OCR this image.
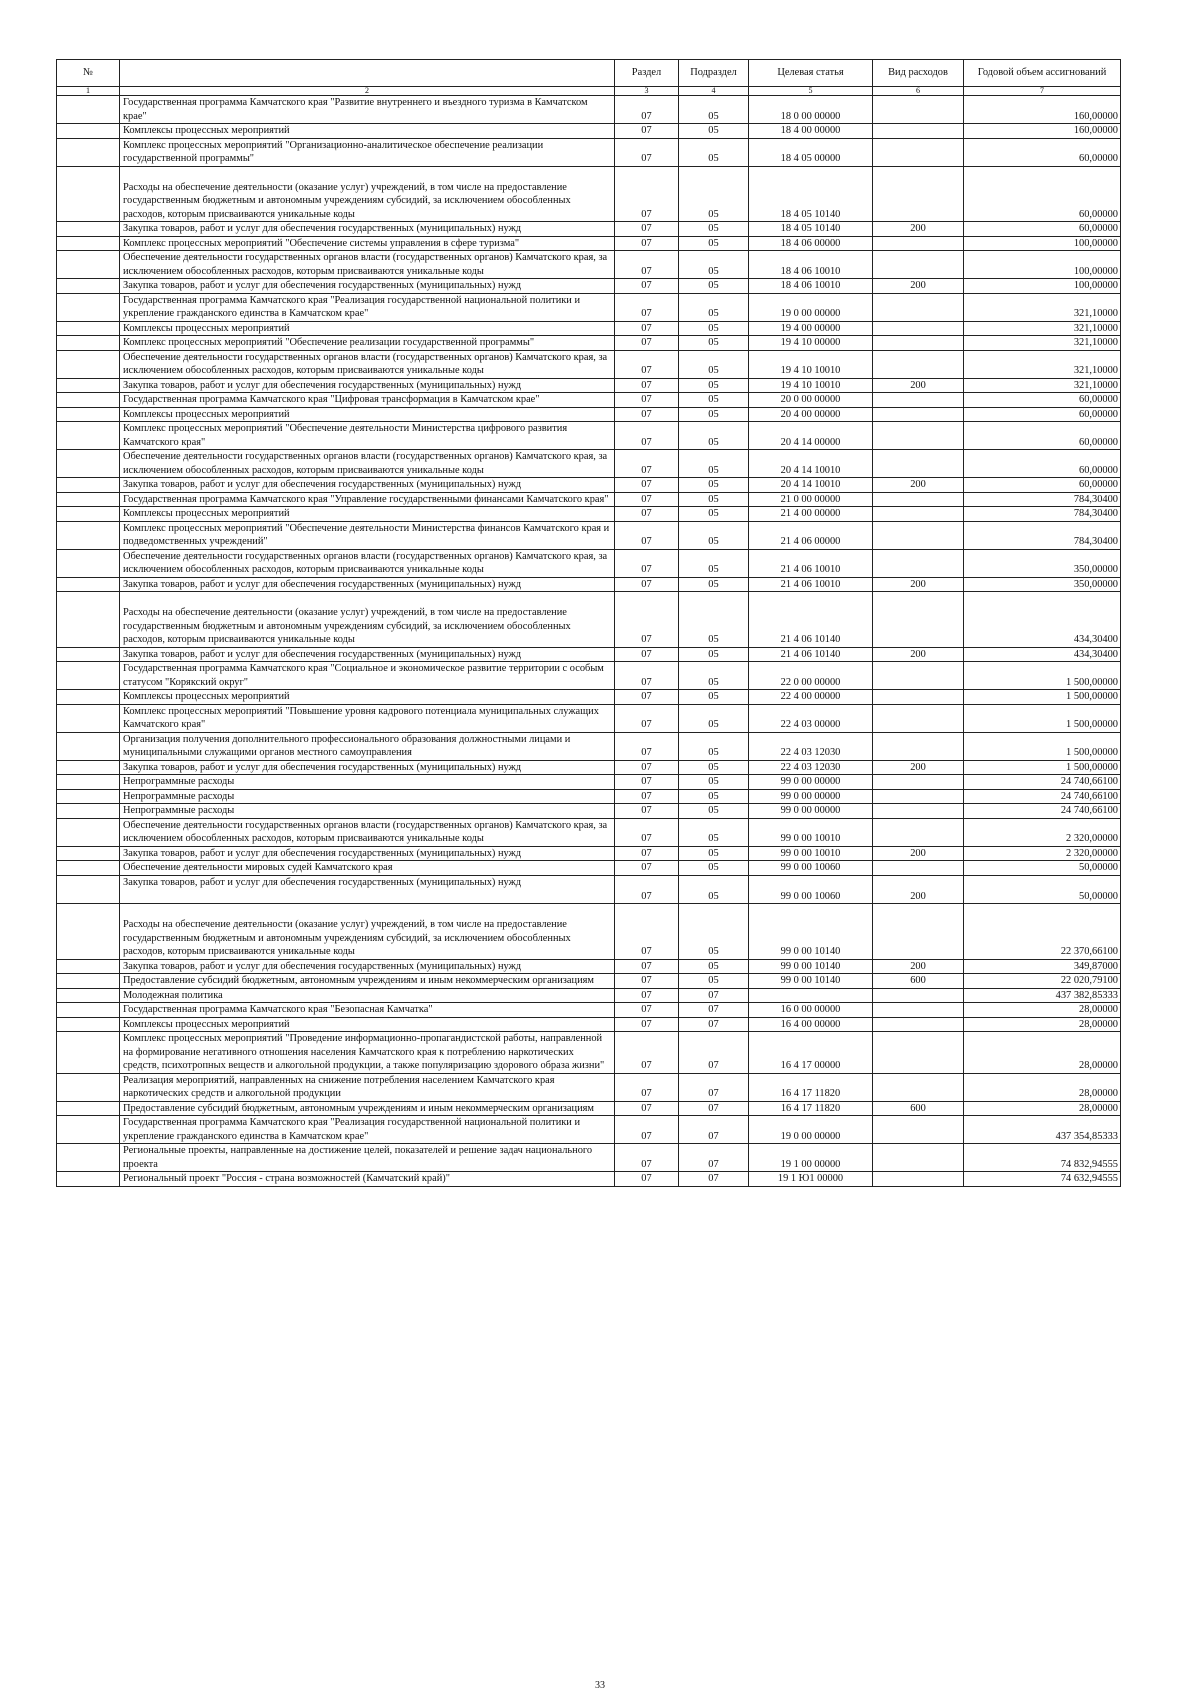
№		Раздел	Подраздел	Целевая статья	Вид расходов	Годовой объем ассигнований
1	2	3	4	5	6	7
	Государственная программа Камчатского края "Развитие внутреннего и въездного туризма в Камчатском крае"	07	05	18 0 00 00000		160,00000
	Комплексы процессных мероприятий	07	05	18 4 00 00000		160,00000
	Комплекс процессных мероприятий "Организационно-аналитическое обеспечение реализации государственной программы"	07	05	18 4 05 00000		60,00000
	Расходы на обеспечение деятельности (оказание услуг) учреждений, в том числе на предоставление государственным бюджетным и автономным учреждениям субсидий, за исключением обособленных расходов, которым присваиваются уникальные коды	07	05	18 4 05 10140		60,00000
	Закупка товаров, работ и услуг для обеспечения государственных (муниципальных) нужд	07	05	18 4 05 10140	200	60,00000
	Комплекс процессных мероприятий "Обеспечение системы управления в сфере туризма"	07	05	18 4 06 00000		100,00000
	Обеспечение деятельности государственных органов власти (государственных органов) Камчатского края, за исключением обособленных расходов, которым присваиваются уникальные коды	07	05	18 4 06 10010		100,00000
	Закупка товаров, работ и услуг для обеспечения государственных (муниципальных) нужд	07	05	18 4 06 10010	200	100,00000
	Государственная программа Камчатского края "Реализация государственной национальной политики и укрепление гражданского единства в Камчатском крае"	07	05	19 0 00 00000		321,10000
	Комплексы процессных мероприятий	07	05	19 4 00 00000		321,10000
	Комплекс процессных мероприятий "Обеспечение реализации государственной программы"	07	05	19 4 10 00000		321,10000
	Обеспечение деятельности государственных органов власти (государственных органов) Камчатского края, за исключением обособленных расходов, которым присваиваются уникальные коды	07	05	19 4 10 10010		321,10000
	Закупка товаров, работ и услуг для обеспечения государственных (муниципальных) нужд	07	05	19 4 10 10010	200	321,10000
	Государственная программа Камчатского края "Цифровая трансформация в Камчатском крае"	07	05	20 0 00 00000		60,00000
	Комплексы процессных мероприятий	07	05	20 4 00 00000		60,00000
	Комплекс процессных мероприятий "Обеспечение деятельности Министерства цифрового развития Камчатского края"	07	05	20 4 14 00000		60,00000
	Обеспечение деятельности государственных органов власти (государственных органов) Камчатского края, за исключением обособленных расходов, которым присваиваются уникальные коды	07	05	20 4 14 10010		60,00000
	Закупка товаров, работ и услуг для обеспечения государственных (муниципальных) нужд	07	05	20 4 14 10010	200	60,00000
	Государственная программа Камчатского края "Управление государственными финансами Камчатского края"	07	05	21 0 00 00000		784,30400
	Комплексы процессных мероприятий	07	05	21 4 00 00000		784,30400
	Комплекс процессных мероприятий "Обеспечение деятельности Министерства финансов Камчатского края и подведомственных учреждений"	07	05	21 4 06 00000		784,30400
	Обеспечение деятельности государственных органов власти (государственных органов) Камчатского края, за исключением обособленных расходов, которым присваиваются уникальные коды	07	05	21 4 06 10010		350,00000
	Закупка товаров, работ и услуг для обеспечения государственных (муниципальных) нужд	07	05	21 4 06 10010	200	350,00000
	Расходы на обеспечение деятельности (оказание услуг) учреждений, в том числе на предоставление государственным бюджетным и автономным учреждениям субсидий, за исключением обособленных расходов, которым присваиваются уникальные коды	07	05	21 4 06 10140		434,30400
	Закупка товаров, работ и услуг для обеспечения государственных (муниципальных) нужд	07	05	21 4 06 10140	200	434,30400
	Государственная программа Камчатского края "Социальное и экономическое развитие территории с особым статусом "Корякский округ"	07	05	22 0 00 00000		1 500,00000
	Комплексы процессных мероприятий	07	05	22 4 00 00000		1 500,00000
	Комплекс процессных мероприятий "Повышение уровня кадрового потенциала муниципальных служащих Камчатского края"	07	05	22 4 03 00000		1 500,00000
	Организация получения дополнительного профессионального образования должностными лицами и муниципальными служащими органов местного самоуправления	07	05	22 4 03 12030		1 500,00000
	Закупка товаров, работ и услуг для обеспечения государственных (муниципальных) нужд	07	05	22 4 03 12030	200	1 500,00000
	Непрограммные расходы	07	05	99 0 00 00000		24 740,66100
	Непрограммные расходы	07	05	99 0 00 00000		24 740,66100
	Непрограммные расходы	07	05	99 0 00 00000		24 740,66100
	Обеспечение деятельности государственных органов власти (государственных органов) Камчатского края, за исключением обособленных расходов, которым присваиваются уникальные коды	07	05	99 0 00 10010		2 320,00000
	Закупка товаров, работ и услуг для обеспечения государственных (муниципальных) нужд	07	05	99 0 00 10010	200	2 320,00000
	Обеспечение деятельности мировых судей Камчатского края	07	05	99 0 00 10060		50,00000
	Закупка товаров, работ и услуг для обеспечения государственных (муниципальных) нужд	07	05	99 0 00 10060	200	50,00000
	Расходы на обеспечение деятельности (оказание услуг) учреждений, в том числе на предоставление государственным бюджетным и автономным учреждениям субсидий, за исключением обособленных расходов, которым присваиваются уникальные коды	07	05	99 0 00 10140		22 370,66100
	Закупка товаров, работ и услуг для обеспечения государственных (муниципальных) нужд	07	05	99 0 00 10140	200	349,87000
	Предоставление субсидий бюджетным, автономным учреждениям и иным некоммерческим организациям	07	05	99 0 00 10140	600	22 020,79100
	Молодежная политика	07	07			437 382,85333
	Государственная программа Камчатского края "Безопасная Камчатка"	07	07	16 0 00 00000		28,00000
	Комплексы процессных мероприятий	07	07	16 4 00 00000		28,00000
	Комплекс процессных мероприятий "Проведение информационно-пропагандистской работы, направленной на формирование негативного отношения населения Камчатского края к потреблению наркотических средств, психотропных веществ и алкогольной продукции, а также популяризацию здорового образа жизни"	07	07	16 4 17 00000		28,00000
	Реализация мероприятий, направленных на снижение потребления населением Камчатского края наркотических средств и алкогольной продукции	07	07	16 4 17 11820		28,00000
	Предоставление субсидий бюджетным, автономным учреждениям и иным некоммерческим организациям	07	07	16 4 17 11820	600	28,00000
	Государственная программа Камчатского края "Реализация государственной национальной политики и укрепление гражданского единства в Камчатском крае"	07	07	19 0 00 00000		437 354,85333
	Региональные проекты, направленные на достижение целей, показателей и решение задач национального проекта	07	07	19 1 00 00000		74 832,94555
	Региональный проект "Россия - страна возможностей (Камчатский край)"	07	07	19 1 Ю1 00000		74 632,94555
33
